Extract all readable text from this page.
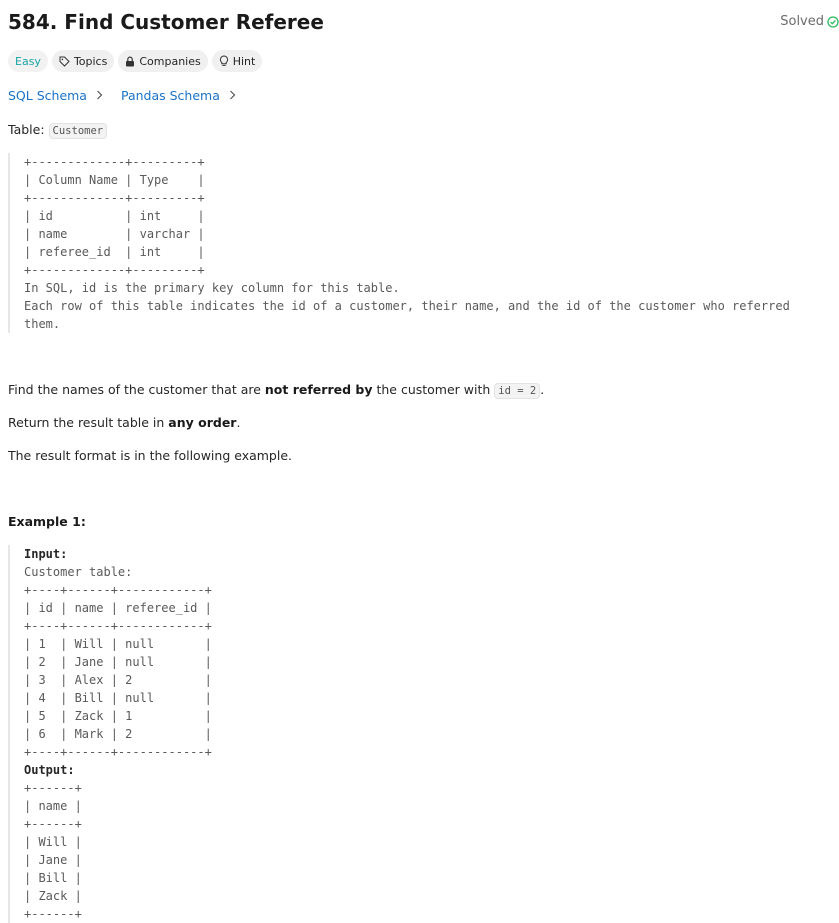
584. Find Customer Referee	Solved
Easy	Topics	Companies	Hint
SQL Schema	Pandas Schema

Table: Customer

+-------------+---------+
| Column Name | Type    |
+-------------+---------+
| id          | int     |
| name        | varchar |
| referee_id  | int     |
+-------------+---------+
In SQL, id is the primary key column for this table.
Each row of this table indicates the id of a customer, their name, and the id of the customer who referred
them.

Find the names of the customer that are not referred by the customer with id = 2 .

Return the result table in any order.

The result format is in the following example.

Example 1:

Input:
Customer table:
+----+------+------------+
| id | name | referee_id |
+----+------+------------+
| 1  | Will | null       |
| 2  | Jane | null       |
| 3  | Alex | 2          |
| 4  | Bill | null       |
| 5  | Zack | 1          |
| 6  | Mark | 2          |
+----+------+------------+
Output:
+------+
| name |
+------+
| Will |
| Jane |
| Bill |
| Zack |
+------+
